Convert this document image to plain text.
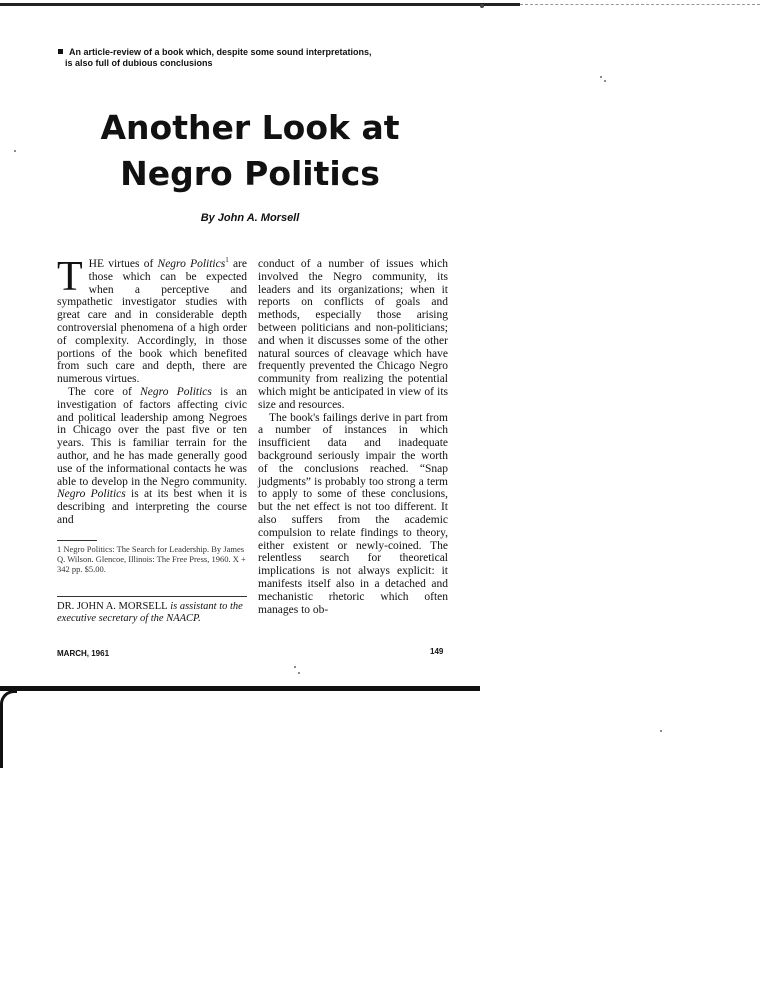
An article-review of a book which, despite some sound interpretations,
is also full of dubious conclusions
Another Look at
Negro Politics
By John A. Morsell

THE virtues of Negro Politics$^1$ are those which can be expected when a perceptive and sympathetic investigator studies with great care and in considerable depth controversial phenomena of a high order of complexity. Accordingly, in those portions of the book which benefited from such care and depth, there are numerous virtues.

The core of Negro Politics is an investigation of factors affecting civic and political leadership among Negroes in Chicago over the past five or ten years. This is familiar terrain for the author, and he has made generally good use of the informational contacts he was able to develop in the Negro community. Negro Politics is at its best when it is describing and interpreting the course and

1 Negro Politics: The Search for Leadership. By James Q. Wilson. Glencoe, Illinois: The Free Press, 1960. X + 342 pp. $5.00.
DR. JOHN A. MORSELL is assistant to the executive secretary of the NAACP.

conduct of a number of issues which involved the Negro community, its leaders and its organizations; when it reports on conflicts of goals and methods, especially those arising between politicians and non-politicians; and when it discusses some of the other natural sources of cleavage which have frequently prevented the Chicago Negro community from realizing the potential which might be anticipated in view of its size and resources.

The book's failings derive in part from a number of instances in which insufficient data and inadequate background seriously impair the worth of the conclusions reached. “Snap judgments” is probably too strong a term to apply to some of these conclusions, but the net effect is not too different. It also suffers from the academic compulsion to relate findings to theory, either existent or newly-coined. The relentless search for theoretical implications is not always explicit: it manifests itself also in a detached and mechanistic rhetoric which often manages to ob-

MARCH, 1961	149
